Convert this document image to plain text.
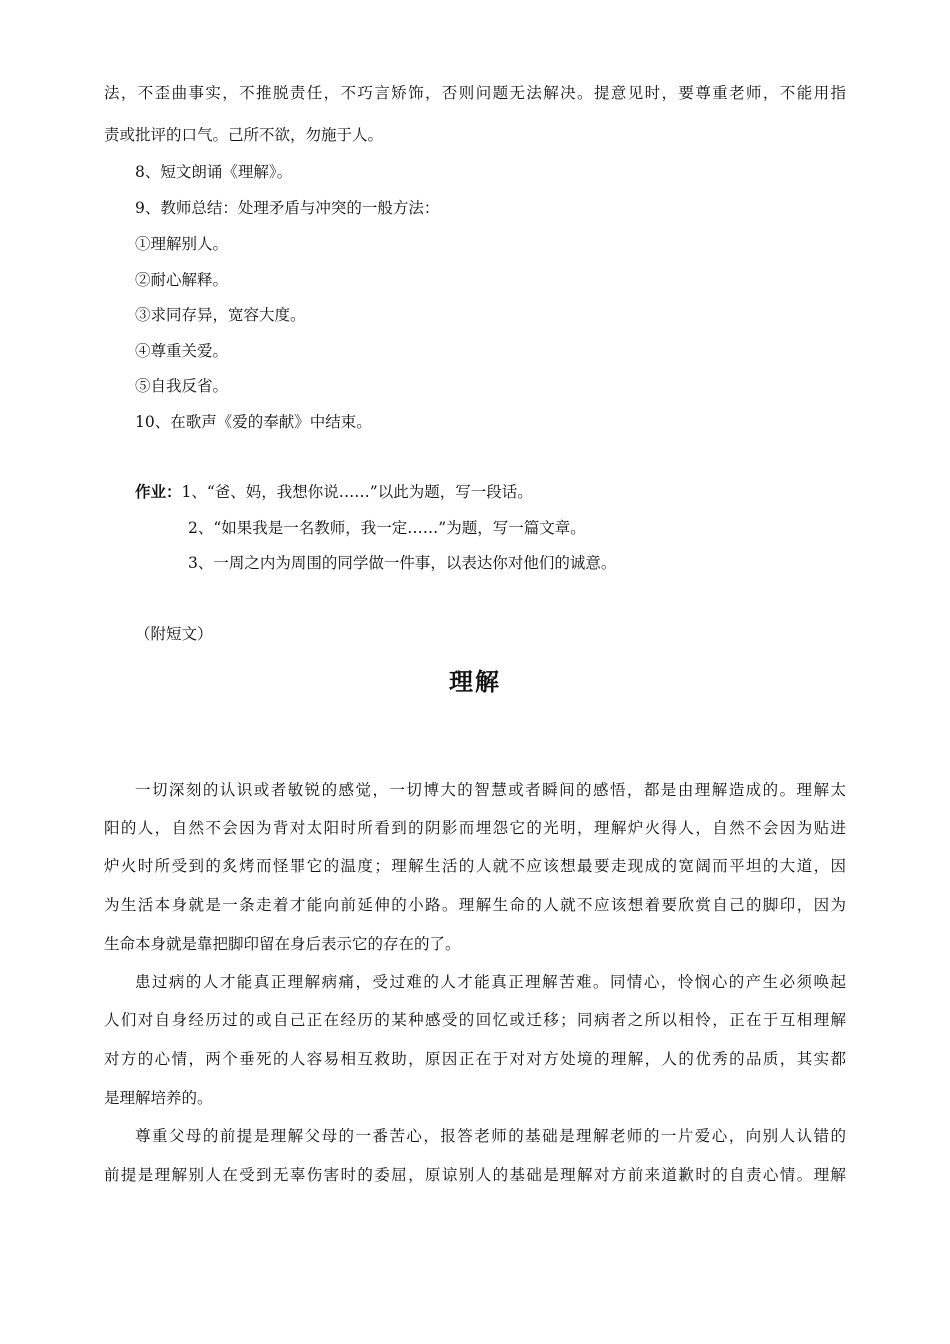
法，不歪曲事实，不推脱责任，不巧言矫饰，否则问题无法解决。提意见时，要尊重老师，不能用指
责或批评的口气。己所不欲，勿施于人。
8、短文朗诵《理解》。
9、教师总结：处理矛盾与冲突的一般方法：
①理解别人。
②耐心解释。
③求同存异，宽容大度。
④尊重关爱。
⑤自我反省。
10、在歌声《爱的奉献》中结束。
作业：1、“爸、妈，我想你说……”以此为题，写一段话。
2、“如果我是一名教师，我一定……”为题，写一篇文章。
3、一周之内为周围的同学做一件事，以表达你对他们的诚意。
（附短文）
理解
一切深刻的认识或者敏锐的感觉，一切博大的智慧或者瞬间的感悟，都是由理解造成的。理解太
阳的人，自然不会因为背对太阳时所看到的阴影而埋怨它的光明，理解炉火得人，自然不会因为贴进
炉火时所受到的炙烤而怪罪它的温度；理解生活的人就不应该想最要走现成的宽阔而平坦的大道，因
为生活本身就是一条走着才能向前延伸的小路。理解生命的人就不应该想着要欣赏自己的脚印，因为
生命本身就是靠把脚印留在身后表示它的存在的了。
患过病的人才能真正理解病痛，受过难的人才能真正理解苦难。同情心，怜悯心的产生必须唤起
人们对自身经历过的或自己正在经历的某种感受的回忆或迁移；同病者之所以相怜，正在于互相理解
对方的心情，两个垂死的人容易相互救助，原因正在于对对方处境的理解，人的优秀的品质，其实都
是理解培养的。
尊重父母的前提是理解父母的一番苦心，报答老师的基础是理解老师的一片爱心，向别人认错的
前提是理解别人在受到无辜伤害时的委屈，原谅别人的基础是理解对方前来道歉时的自责心情。理解
